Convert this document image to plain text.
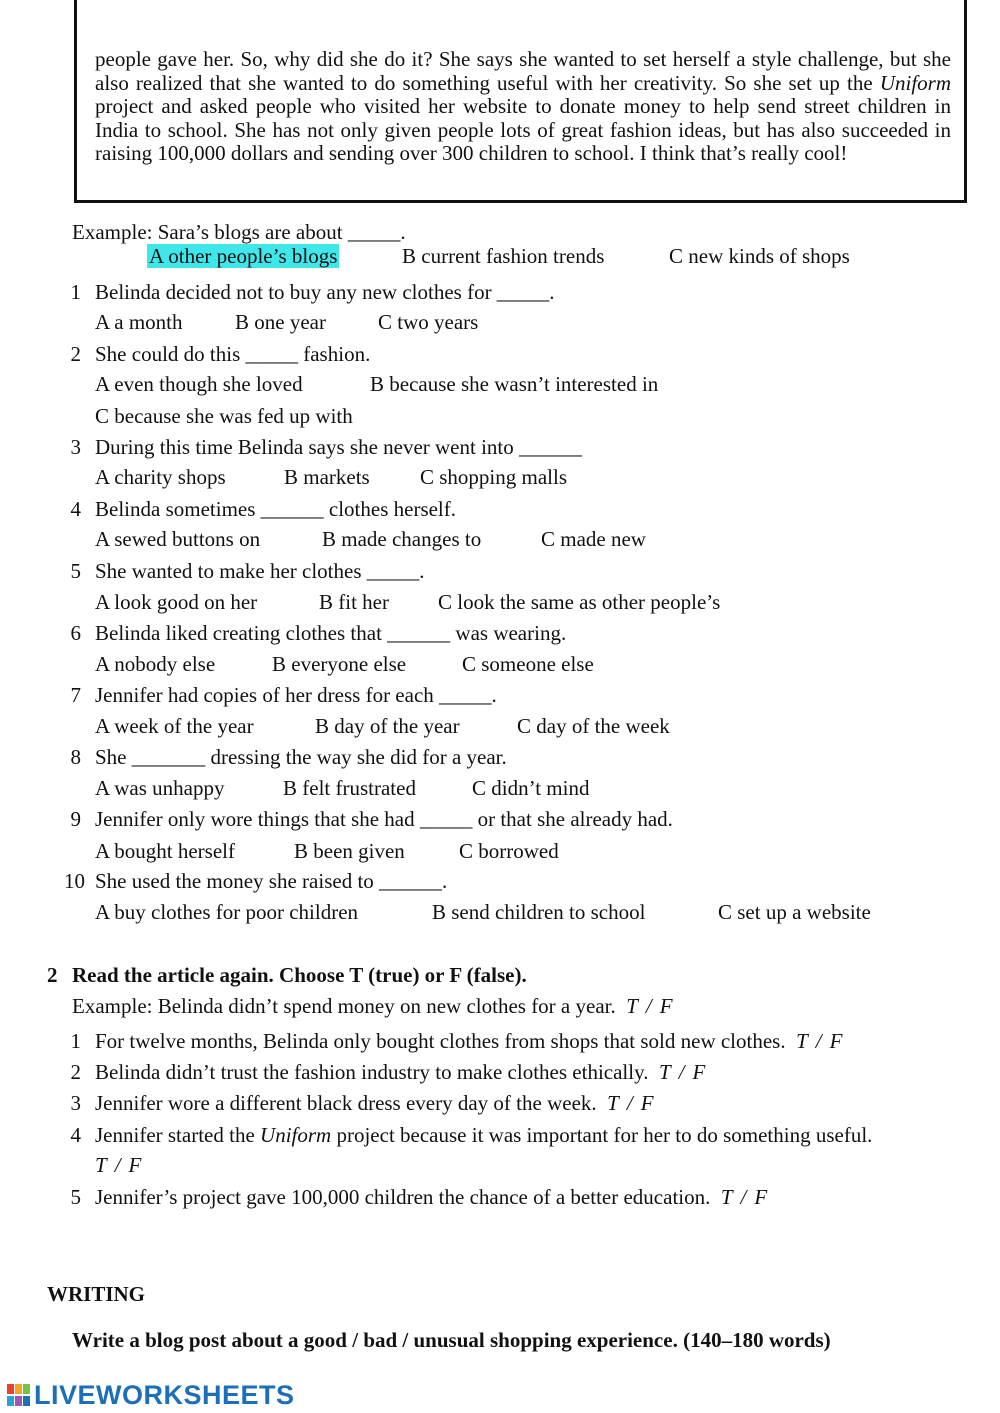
people gave her. So, why did she do it? She says she wanted to set herself a style challenge, but she also realized that she wanted to do something useful with her creativity. So she set up the Uniform project and asked people who visited her website to donate money to help send street children in India to school. She has not only given people lots of great fashion ideas, but has also succeeded in raising 100,000 dollars and sending over 300 children to school. I think that’s really cool!

Example: Sara’s blogs are about _____.
A other people’s blogs	B current fashion trends	C new kinds of shops
1 Belinda decided not to buy any new clothes for _____.
A a month	B one year C two years
2 She could do this _____ fashion.
A even though she loved	B because she wasn’t interested in
C because she was fed up with
3 During this time Belinda says she never went into ______
A charity shops	B markets C shopping malls
4 Belinda sometimes ______ clothes herself.
A sewed buttons on	B made changes to	C made new
5 She wanted to make her clothes _____.
A look good on her	B fit her C look the same as other people’s
6 Belinda liked creating clothes that ______ was wearing.
A nobody else	B everyone else	C someone else
7 Jennifer had copies of her dress for each _____.
A week of the year	B day of the year	C day of the week
8 She _______ dressing the way she did for a year.
A was unhappy	B felt frustrated	C didn’t mind
9 Jennifer only wore things that she had _____ or that she already had.
A bought herself	B been given	C borrowed
10 She used the money she raised to ______.
A buy clothes for poor children	B send children to school	C set up a website
2 Read the article again. Choose T (true) or F (false).
Example: Belinda didn’t spend money on new clothes for a year. T / F
1 For twelve months, Belinda only bought clothes from shops that sold new clothes. T / F
2 Belinda didn’t trust the fashion industry to make clothes ethically. T / F
3 Jennifer wore a different black dress every day of the week. T / F
4 Jennifer started the Uniform project because it was important for her to do something useful.
T / F
5 Jennifer’s project gave 100,000 children the chance of a better education. T / F
WRITING
Write a blog post about a good / bad / unusual shopping experience. (140–180 words)
LIVEWORKSHEETS
